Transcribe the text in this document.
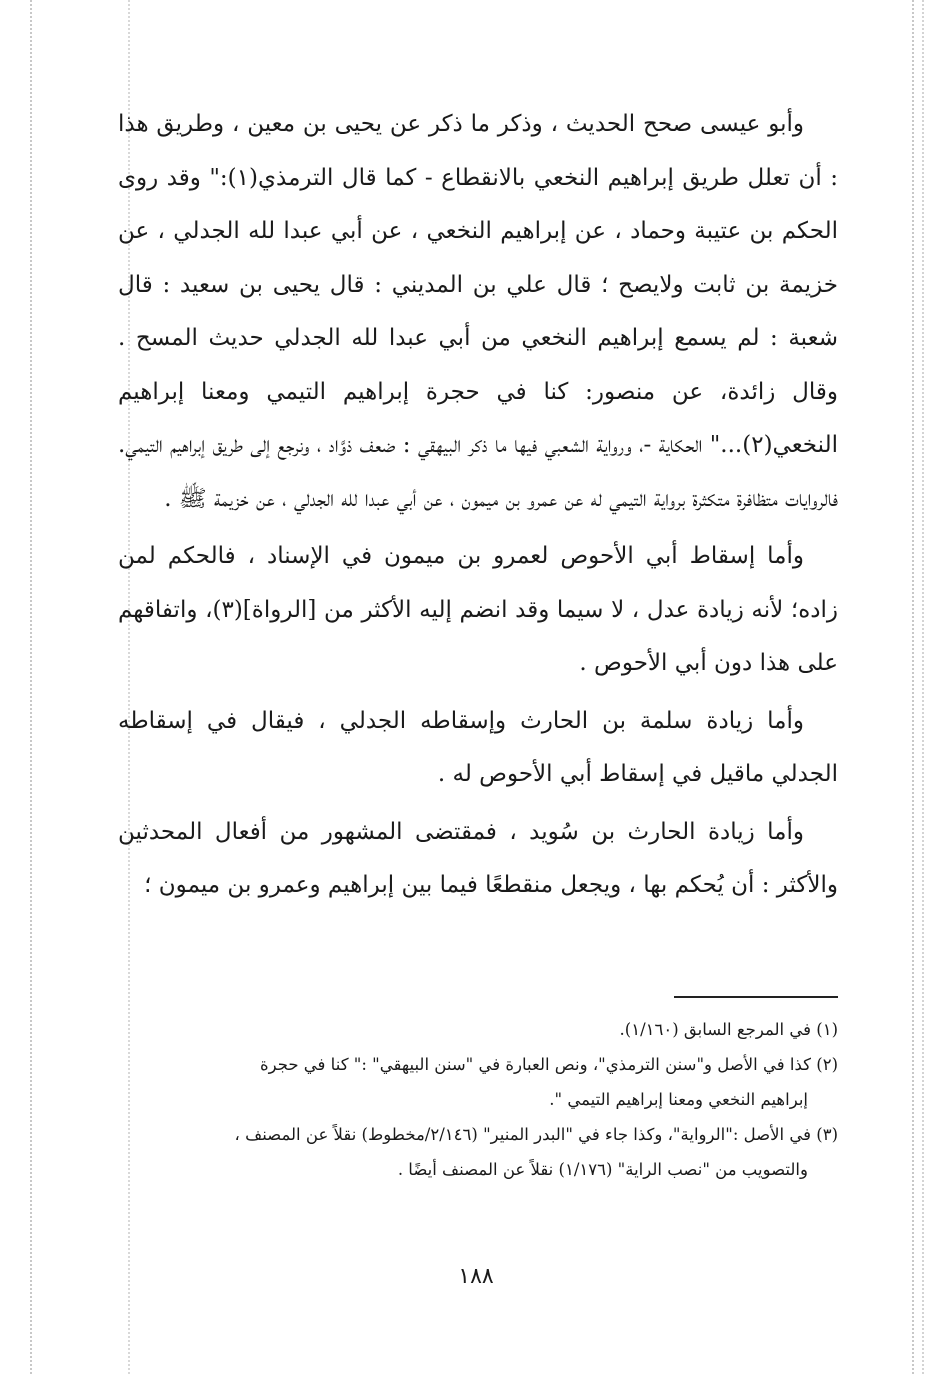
وأبو عيسى صحح الحديث ، وذكر ما ذكر عن يحيى بن معين ، وطريق هذا : أن تعلل طريق إبراهيم النخعي بالانقطاع - كما قال الترمذي(١):" وقد روى الحكم بن عتيبة وحماد ، عن إبراهيم النخعي ، عن أبي عبدا لله الجدلي ، عن خزيمة بن ثابت ولايصح ؛ قال علي بن المديني : قال يحيى بن سعيد : قال شعبة : لم يسمع إبراهيم النخعي من أبي عبدا لله الجدلي حديث المسح . وقال زائدة، عن منصور: كنا في حجرة إبراهيم التيمي ومعنا إبراهيم النخعي(٢)..." الحكاية -، ورواية الشعبي فيها ما ذكر البيهقي : ضعف ذوَّاد ، ونرجع إلى طريق إبراهيم التيمي. فالروايات متظافرة متكثرة برواية التيمي له عن عمرو بن ميمون ، عن أبي عبدا لله الجدلي ، عن خزيمة ﷺ .

وأما إسقاط أبي الأحوص لعمرو بن ميمون في الإسناد ، فالحكم لمن زاده؛ لأنه زيادة عدل ، لا سيما وقد انضم إليه الأكثر من [الرواة](٣)، واتفاقهم على هذا دون أبي الأحوص .

وأما زيادة سلمة بن الحارث وإسقاطه الجدلي ، فيقال في إسقاطه الجدلي ماقيل في إسقاط أبي الأحوص له .

وأما زيادة الحارث بن سُويد ، فمقتضى المشهور من أفعال المحدثين والأكثر : أن يُحكم بها ، ويجعل منقطعًا فيما بين إبراهيم وعمرو بن ميمون ؛

(١) في المرجع السابق (١/١٦٠).

(٢) كذا في الأصل و"سنن الترمذي"، ونص العبارة في "سنن البيهقي" :" كنا في حجرة

إبراهيم النخعي ومعنا إبراهيم التيمي ".

(٣) في الأصل :"الرواية"، وكذا جاء في "البدر المنير" (٢/١٤٦/مخطوط) نقلاً عن المصنف ،

والتصويب من "نصب الراية" (١/١٧٦) نقلاً عن المصنف أيضًا .

١٨٨
